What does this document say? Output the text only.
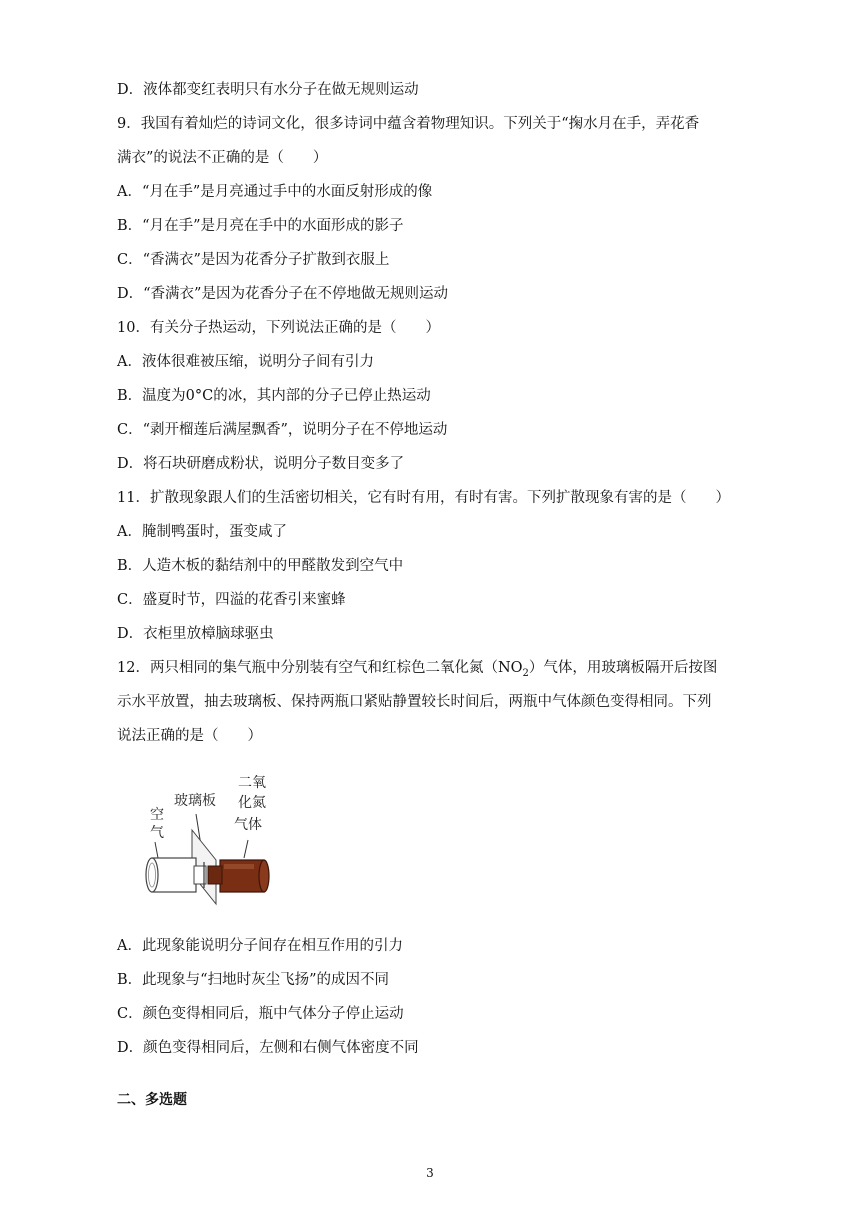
D．液体都变红表明只有水分子在做无规则运动
9．我国有着灿烂的诗词文化，很多诗词中蕴含着物理知识。下列关于“掬水月在手，弄花香
满衣”的说法不正确的是（　　）
A．“月在手”是月亮通过手中的水面反射形成的像
B．“月在手”是月亮在手中的水面形成的影子
C．“香满衣”是因为花香分子扩散到衣服上
D．“香满衣”是因为花香分子在不停地做无规则运动
10．有关分子热运动，下列说法正确的是（　　）
A．液体很难被压缩，说明分子间有引力
B．温度为0°C的冰，其内部的分子已停止热运动
C．“剥开榴莲后满屋飘香”，说明分子在不停地运动
D．将石块研磨成粉状，说明分子数目变多了
11．扩散现象跟人们的生活密切相关，它有时有用，有时有害。下列扩散现象有害的是（　　）
A．腌制鸭蛋时，蛋变咸了
B．人造木板的黏结剂中的甲醛散发到空气中
C．盛夏时节，四溢的花香引来蜜蜂
D．衣柜里放樟脑球驱虫
12．两只相同的集气瓶中分别装有空气和红棕色二氧化氮$(NO_2)$气体，用玻璃板隔开后按图
示水平放置，抽去玻璃板、保持两瓶口紧贴静置较长时间后，两瓶中气体颜色变得相同。下列
说法正确的是（　　）
空
气
玻璃板
二氧
化氮
气体
A．此现象能说明分子间存在相互作用的引力
B．此现象与“扫地时灰尘飞扬”的成因不同
C．颜色变得相同后，瓶中气体分子停止运动
D．颜色变得相同后，左侧和右侧气体密度不同
二、多选题
3
